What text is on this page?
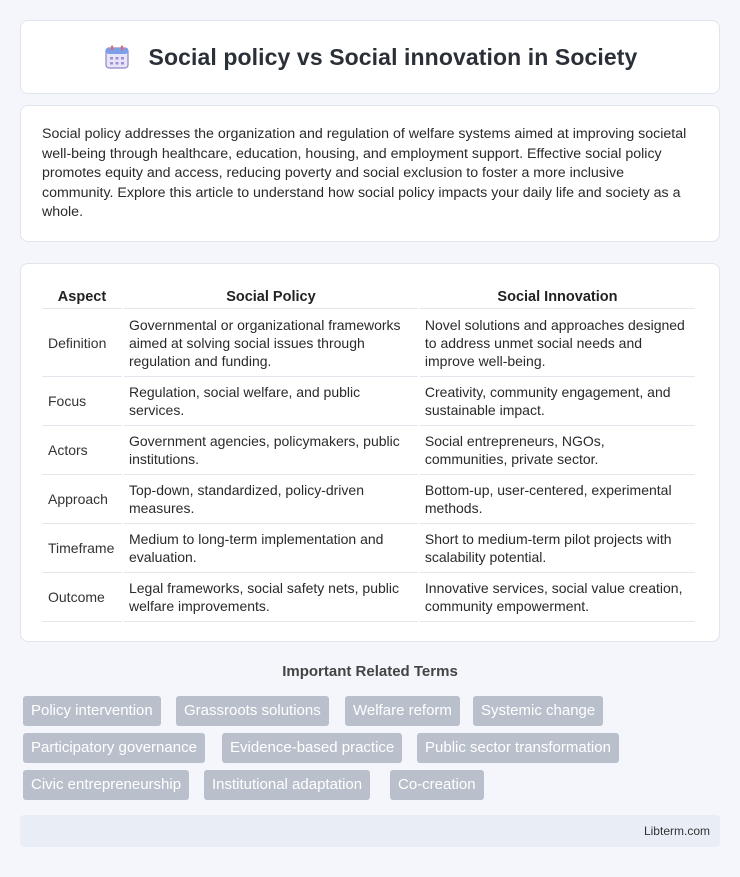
Social policy vs Social innovation in Society

Social policy addresses the organization and regulation of welfare systems aimed at improving societal well-being through healthcare, education, housing, and employment support. Effective social policy promotes equity and access, reducing poverty and social exclusion to foster a more inclusive community. Explore this article to understand how social policy impacts your daily life and society as a whole.

Aspect	Social Policy	Social Innovation
Definition	Governmental or organizational frameworks aimed at solving social issues through regulation and funding.	Novel solutions and approaches designed to address unmet social needs and improve well-being.
Focus	Regulation, social welfare, and public services.	Creativity, community engagement, and sustainable impact.
Actors	Government agencies, policymakers, public institutions.	Social entrepreneurs, NGOs, communities, private sector.
Approach	Top-down, standardized, policy-driven measures.	Bottom-up, user-centered, experimental methods.
Timeframe	Medium to long-term implementation and evaluation.	Short to medium-term pilot projects with scalability potential.
Outcome	Legal frameworks, social safety nets, public welfare improvements.	Innovative services, social value creation, community empowerment.
Important Related Terms
Policy intervention	Grassroots solutions	Welfare reform	Systemic change
Participatory governance	Evidence-based practice	Public sector transformation
Civic entrepreneurship	Institutional adaptation	Co-creation
Libterm.com
